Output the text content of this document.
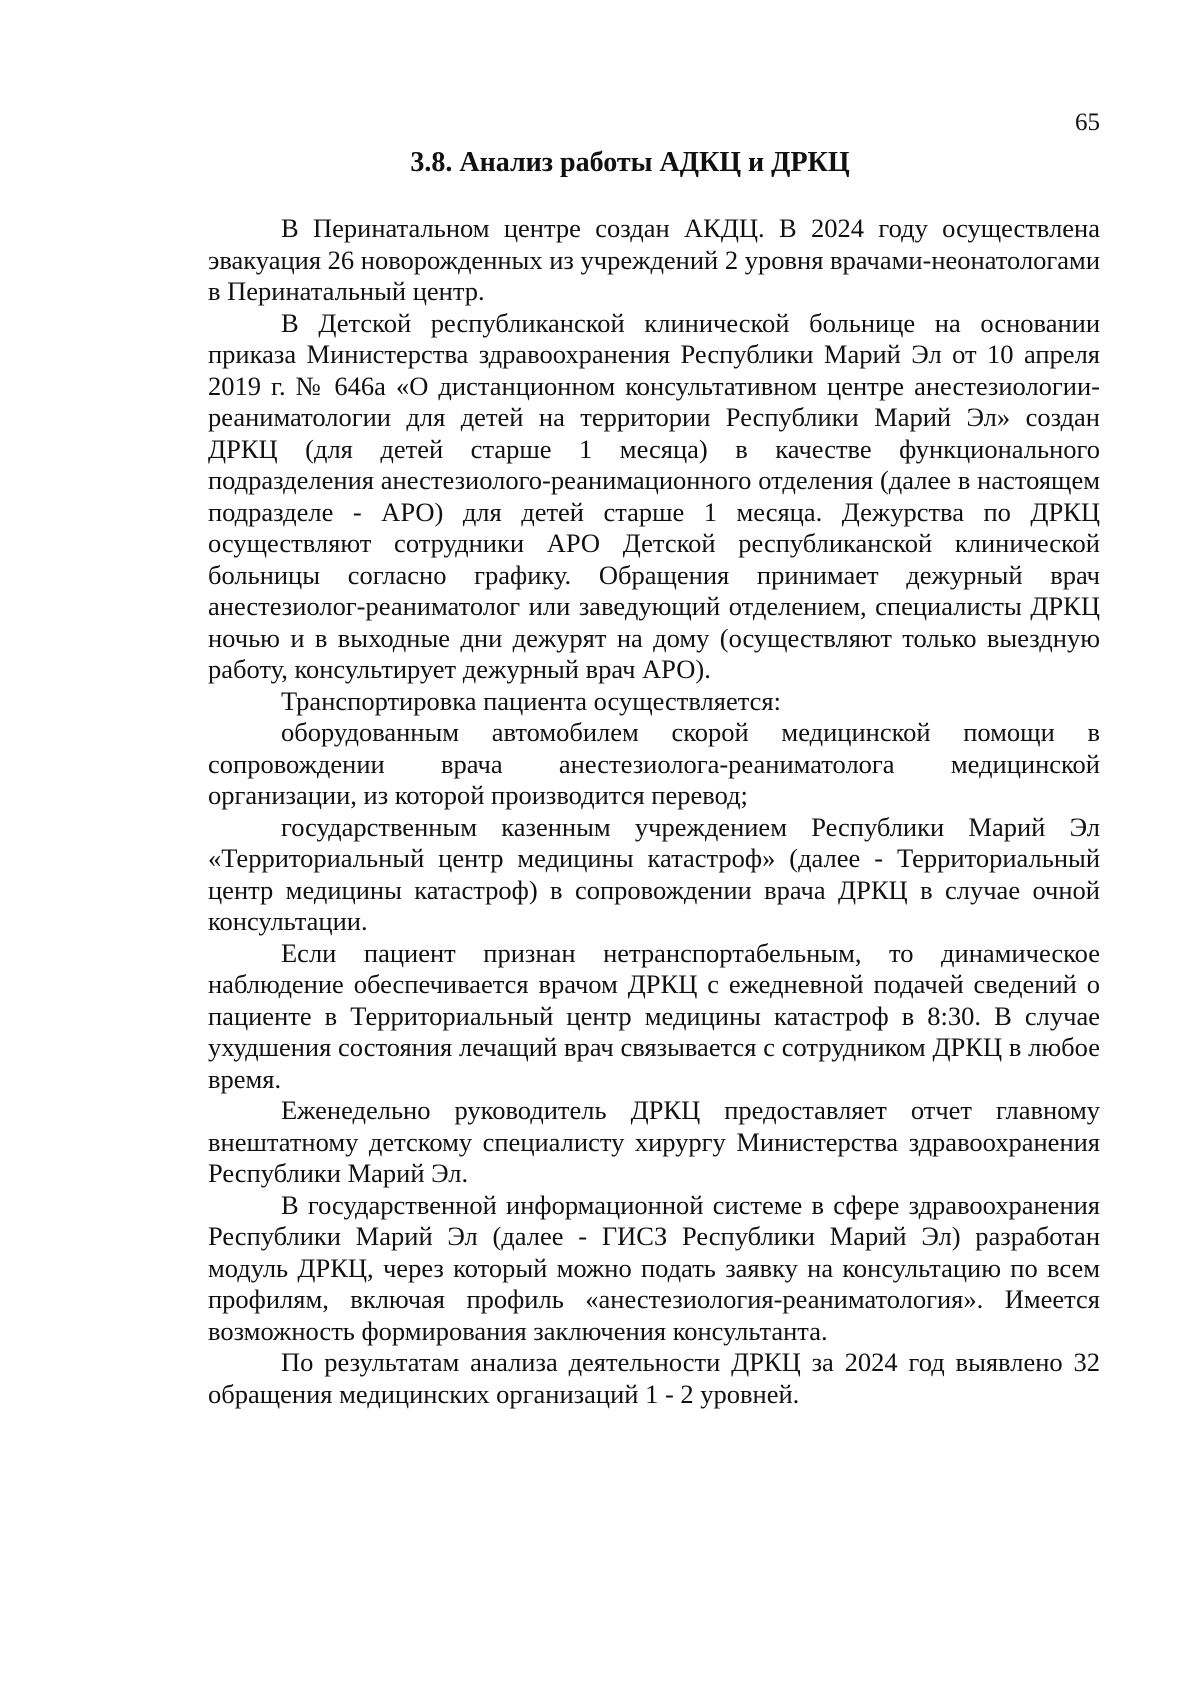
65
3.8. Анализ работы АДКЦ и ДРКЦ

В Перинатальном центре создан АКДЦ. В 2024 году осуществлена эвакуация 26 новорожденных из учреждений 2 уровня врачами-неонатологами в Перинатальный центр.

В Детской республиканской клинической больнице на основании приказа Министерства здравоохранения Республики Марий Эл от 10 апреля 2019 г. № 646а «О дистанционном консультативном центре анестезиологии-реаниматологии для детей на территории Республики Марий Эл» создан ДРКЦ (для детей старше 1 месяца) в качестве функционального подразделения анестезиолого-реанимационного отделения (далее в настоящем подразделе - АРО) для детей старше 1 месяца. Дежурства по ДРКЦ осуществляют сотрудники АРО Детской республиканской клинической больницы согласно графику. Обращения принимает дежурный врач анестезиолог-реаниматолог или заведующий отделением, специалисты ДРКЦ ночью и в выходные дни дежурят на дому (осуществляют только выездную работу, консультирует дежурный врач АРО).

Транспортировка пациента осуществляется:

оборудованным автомобилем скорой медицинской помощи в сопровождении врача анестезиолога-реаниматолога медицинской организации, из которой производится перевод;

государственным казенным учреждением Республики Марий Эл «Территориальный центр медицины катастроф» (далее - Территориальный центр медицины катастроф) в сопровождении врача ДРКЦ в случае очной консультации.

Если пациент признан нетранспортабельным, то динамическое наблюдение обеспечивается врачом ДРКЦ с ежедневной подачей сведений о пациенте в Территориальный центр медицины катастроф в 8:30. В случае ухудшения состояния лечащий врач связывается с сотрудником ДРКЦ в любое время.

Еженедельно руководитель ДРКЦ предоставляет отчет главному внештатному детскому специалисту хирургу Министерства здравоохранения Республики Марий Эл.

В государственной информационной системе в сфере здравоохранения Республики Марий Эл (далее - ГИСЗ Республики Марий Эл) разработан модуль ДРКЦ, через который можно подать заявку на консультацию по всем профилям, включая профиль «анестезиология-реаниматология». Имеется возможность формирования заключения консультанта.

По результатам анализа деятельности ДРКЦ за 2024 год выявлено 32 обращения медицинских организаций 1 - 2 уровней.
